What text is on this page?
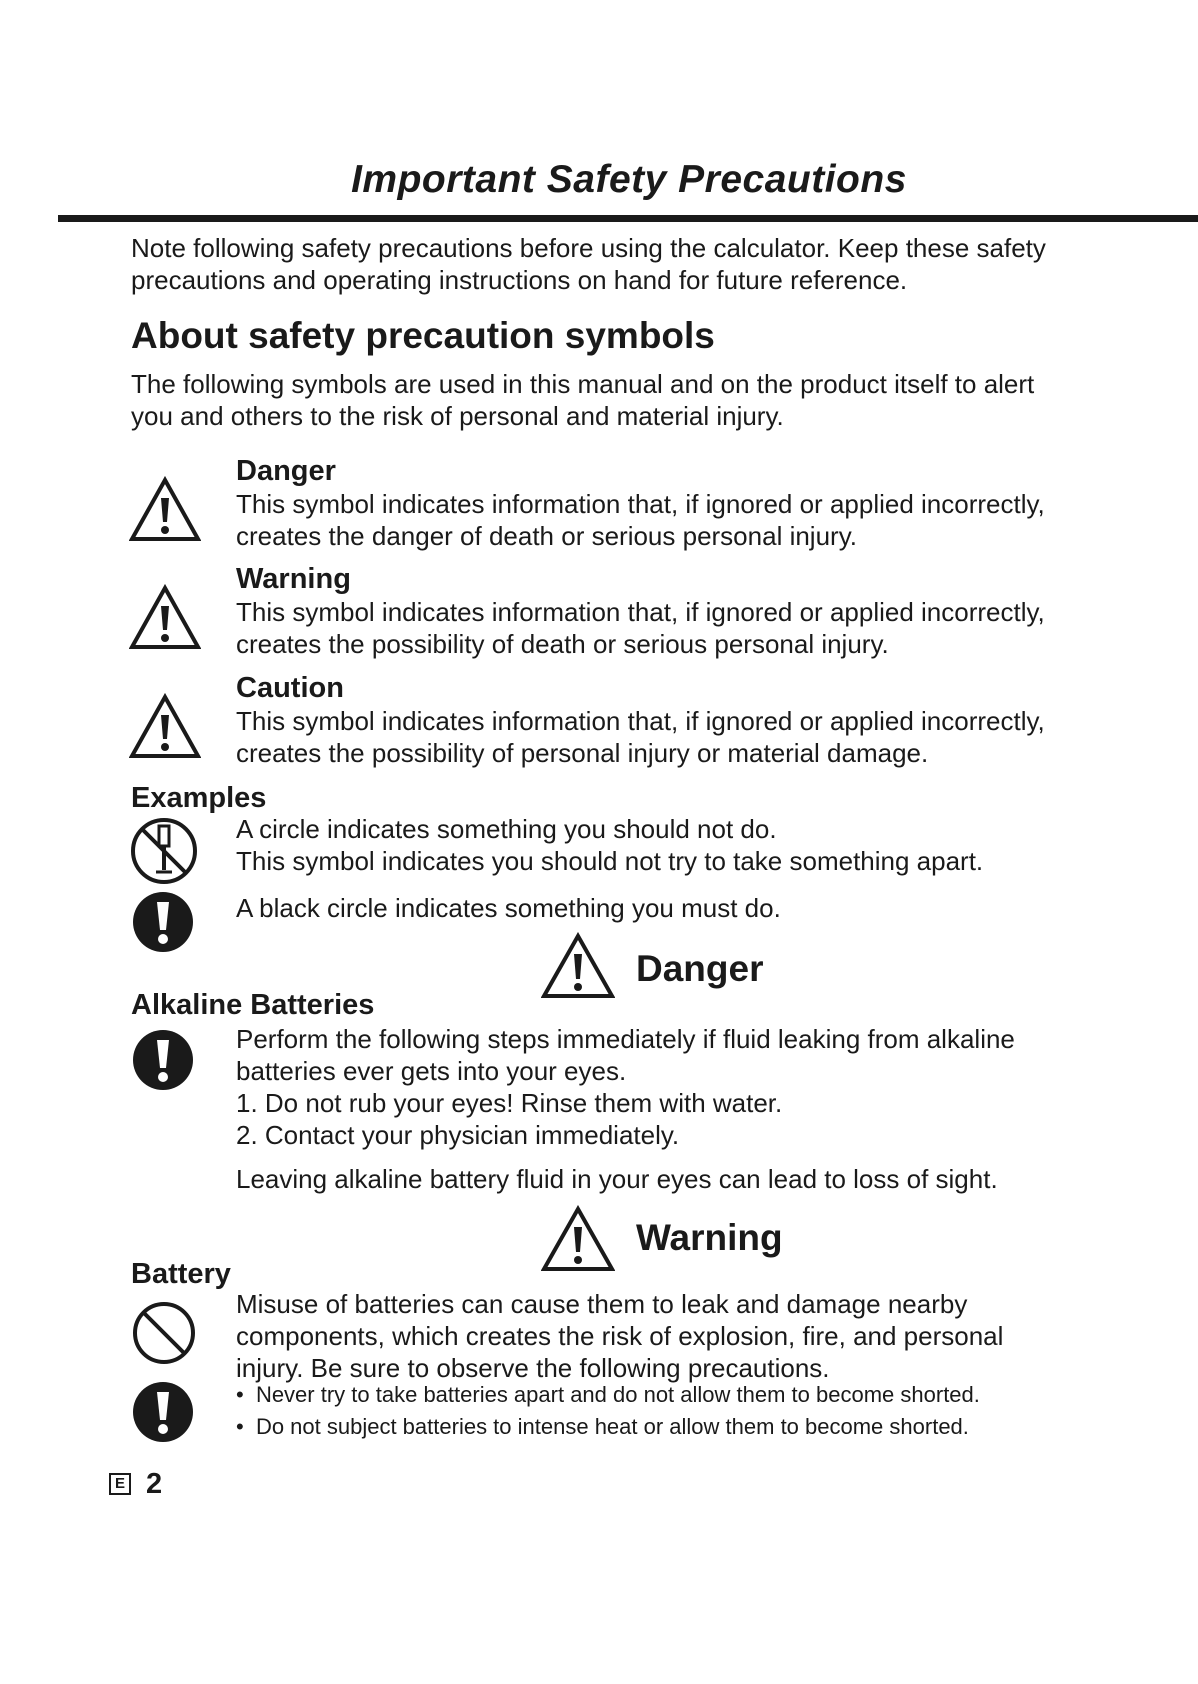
Important Safety Precautions
Note following safety precautions before using the calculator. Keep these safety
precautions and operating instructions on hand for future reference.
About safety precaution symbols
The following symbols are used in this manual and on the product itself to alert
you and others to the risk of personal and material injury.
Danger
This symbol indicates information that, if ignored or applied incorrectly,
creates the danger of death or serious personal injury.
Warning
This symbol indicates information that, if ignored or applied incorrectly,
creates the possibility of death or serious personal injury.
Caution
This symbol indicates information that, if ignored or applied incorrectly,
creates the possibility of personal injury or material damage.
Examples
A circle indicates something you should not do.
This symbol indicates you should not try to take something apart.
A black circle indicates something you must do.
Danger
Alkaline Batteries
Perform the following steps immediately if fluid leaking from alkaline
batteries ever gets into your eyes.
1. Do not rub your eyes! Rinse them with water.
2. Contact your physician immediately.
Leaving alkaline battery fluid in your eyes can lead to loss of sight.
Warning
Battery
Misuse of batteries can cause them to leak and damage nearby
components, which creates the risk of explosion, fire, and personal
injury. Be sure to observe the following precautions.
•  Never try to take batteries apart and do not allow them to become shorted.
•  Do not subject batteries to intense heat or allow them to become shorted.
E 2
